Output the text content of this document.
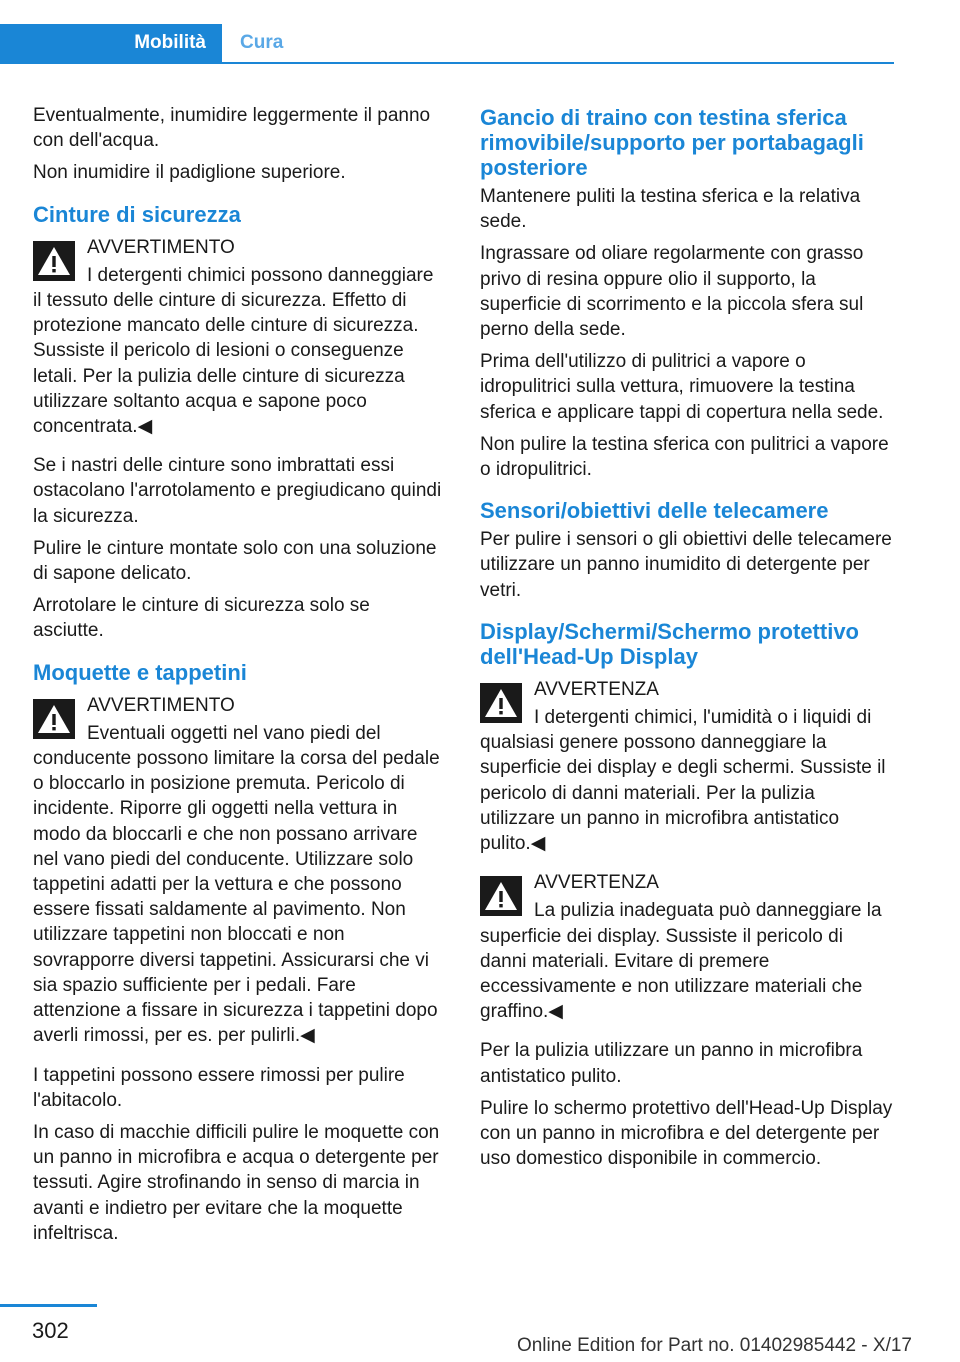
Mobilità	Cura

Eventualmente, inumidire leggermente il panno con dell'acqua.

Non inumidire il padiglione superiore.

Cinture di sicurezza
AVVERTIMENTO
I detergenti chimici possono danneggiare il tessuto delle cinture di sicurezza. Effetto di protezione mancato delle cinture di sicurezza. Sussiste il pericolo di lesioni o conseguenze letali. Per la pulizia delle cinture di sicurezza utilizzare soltanto acqua e sapone poco concentrata.◀

Se i nastri delle cinture sono imbrattati essi ostacolano l'arrotolamento e pregiudicano quindi la sicurezza.

Pulire le cinture montate solo con una soluzione di sapone delicato.

Arrotolare le cinture di sicurezza solo se asciutte.

Moquette e tappetini
AVVERTIMENTO
Eventuali oggetti nel vano piedi del conducente possono limitare la corsa del pedale o bloccarlo in posizione premuta. Pericolo di incidente. Riporre gli oggetti nella vettura in modo da bloccarli e che non possano arrivare nel vano piedi del conducente. Utilizzare solo tappetini adatti per la vettura e che possono essere fissati saldamente al pavimento. Non utilizzare tappetini non bloccati e non sovrapporre diversi tappetini. Assicurarsi che vi sia spazio sufficiente per i pedali. Fare attenzione a fissare in sicurezza i tappetini dopo averli rimossi, per es. per pulirli.◀

I tappetini possono essere rimossi per pulire l'abitacolo.

In caso di macchie difficili pulire le moquette con un panno in microfibra e acqua o detergente per tessuti. Agire strofinando in senso di marcia in avanti e indietro per evitare che la moquette infeltrisca.

Gancio di traino con testina sferica rimovibile/supporto per portabagagli posteriore

Mantenere puliti la testina sferica e la relativa sede.

Ingrassare od oliare regolarmente con grasso privo di resina oppure olio il supporto, la superficie di scorrimento e la piccola sfera sul perno della sede.

Prima dell'utilizzo di pulitrici a vapore o idropulitrici sulla vettura, rimuovere la testina sferica e applicare tappi di copertura nella sede.

Non pulire la testina sferica con pulitrici a vapore o idropulitrici.

Sensori/obiettivi delle telecamere

Per pulire i sensori o gli obiettivi delle telecamere utilizzare un panno inumidito di detergente per vetri.

Display/Schermi/Schermo protettivo dell'Head-Up Display
AVVERTENZA
I detergenti chimici, l'umidità o i liquidi di qualsiasi genere possono danneggiare la superficie dei display e degli schermi. Sussiste il pericolo di danni materiali. Per la pulizia utilizzare un panno in microfibra antistatico pulito.◀
AVVERTENZA
La pulizia inadeguata può danneggiare la superficie dei display. Sussiste il pericolo di danni materiali. Evitare di premere eccessivamente e non utilizzare materiali che graffino.◀

Per la pulizia utilizzare un panno in microfibra antistatico pulito.

Pulire lo schermo protettivo dell'Head-Up Display con un panno in microfibra e del detergente per uso domestico disponibile in commercio.

302
Online Edition for Part no. 01402985442 - X/17
